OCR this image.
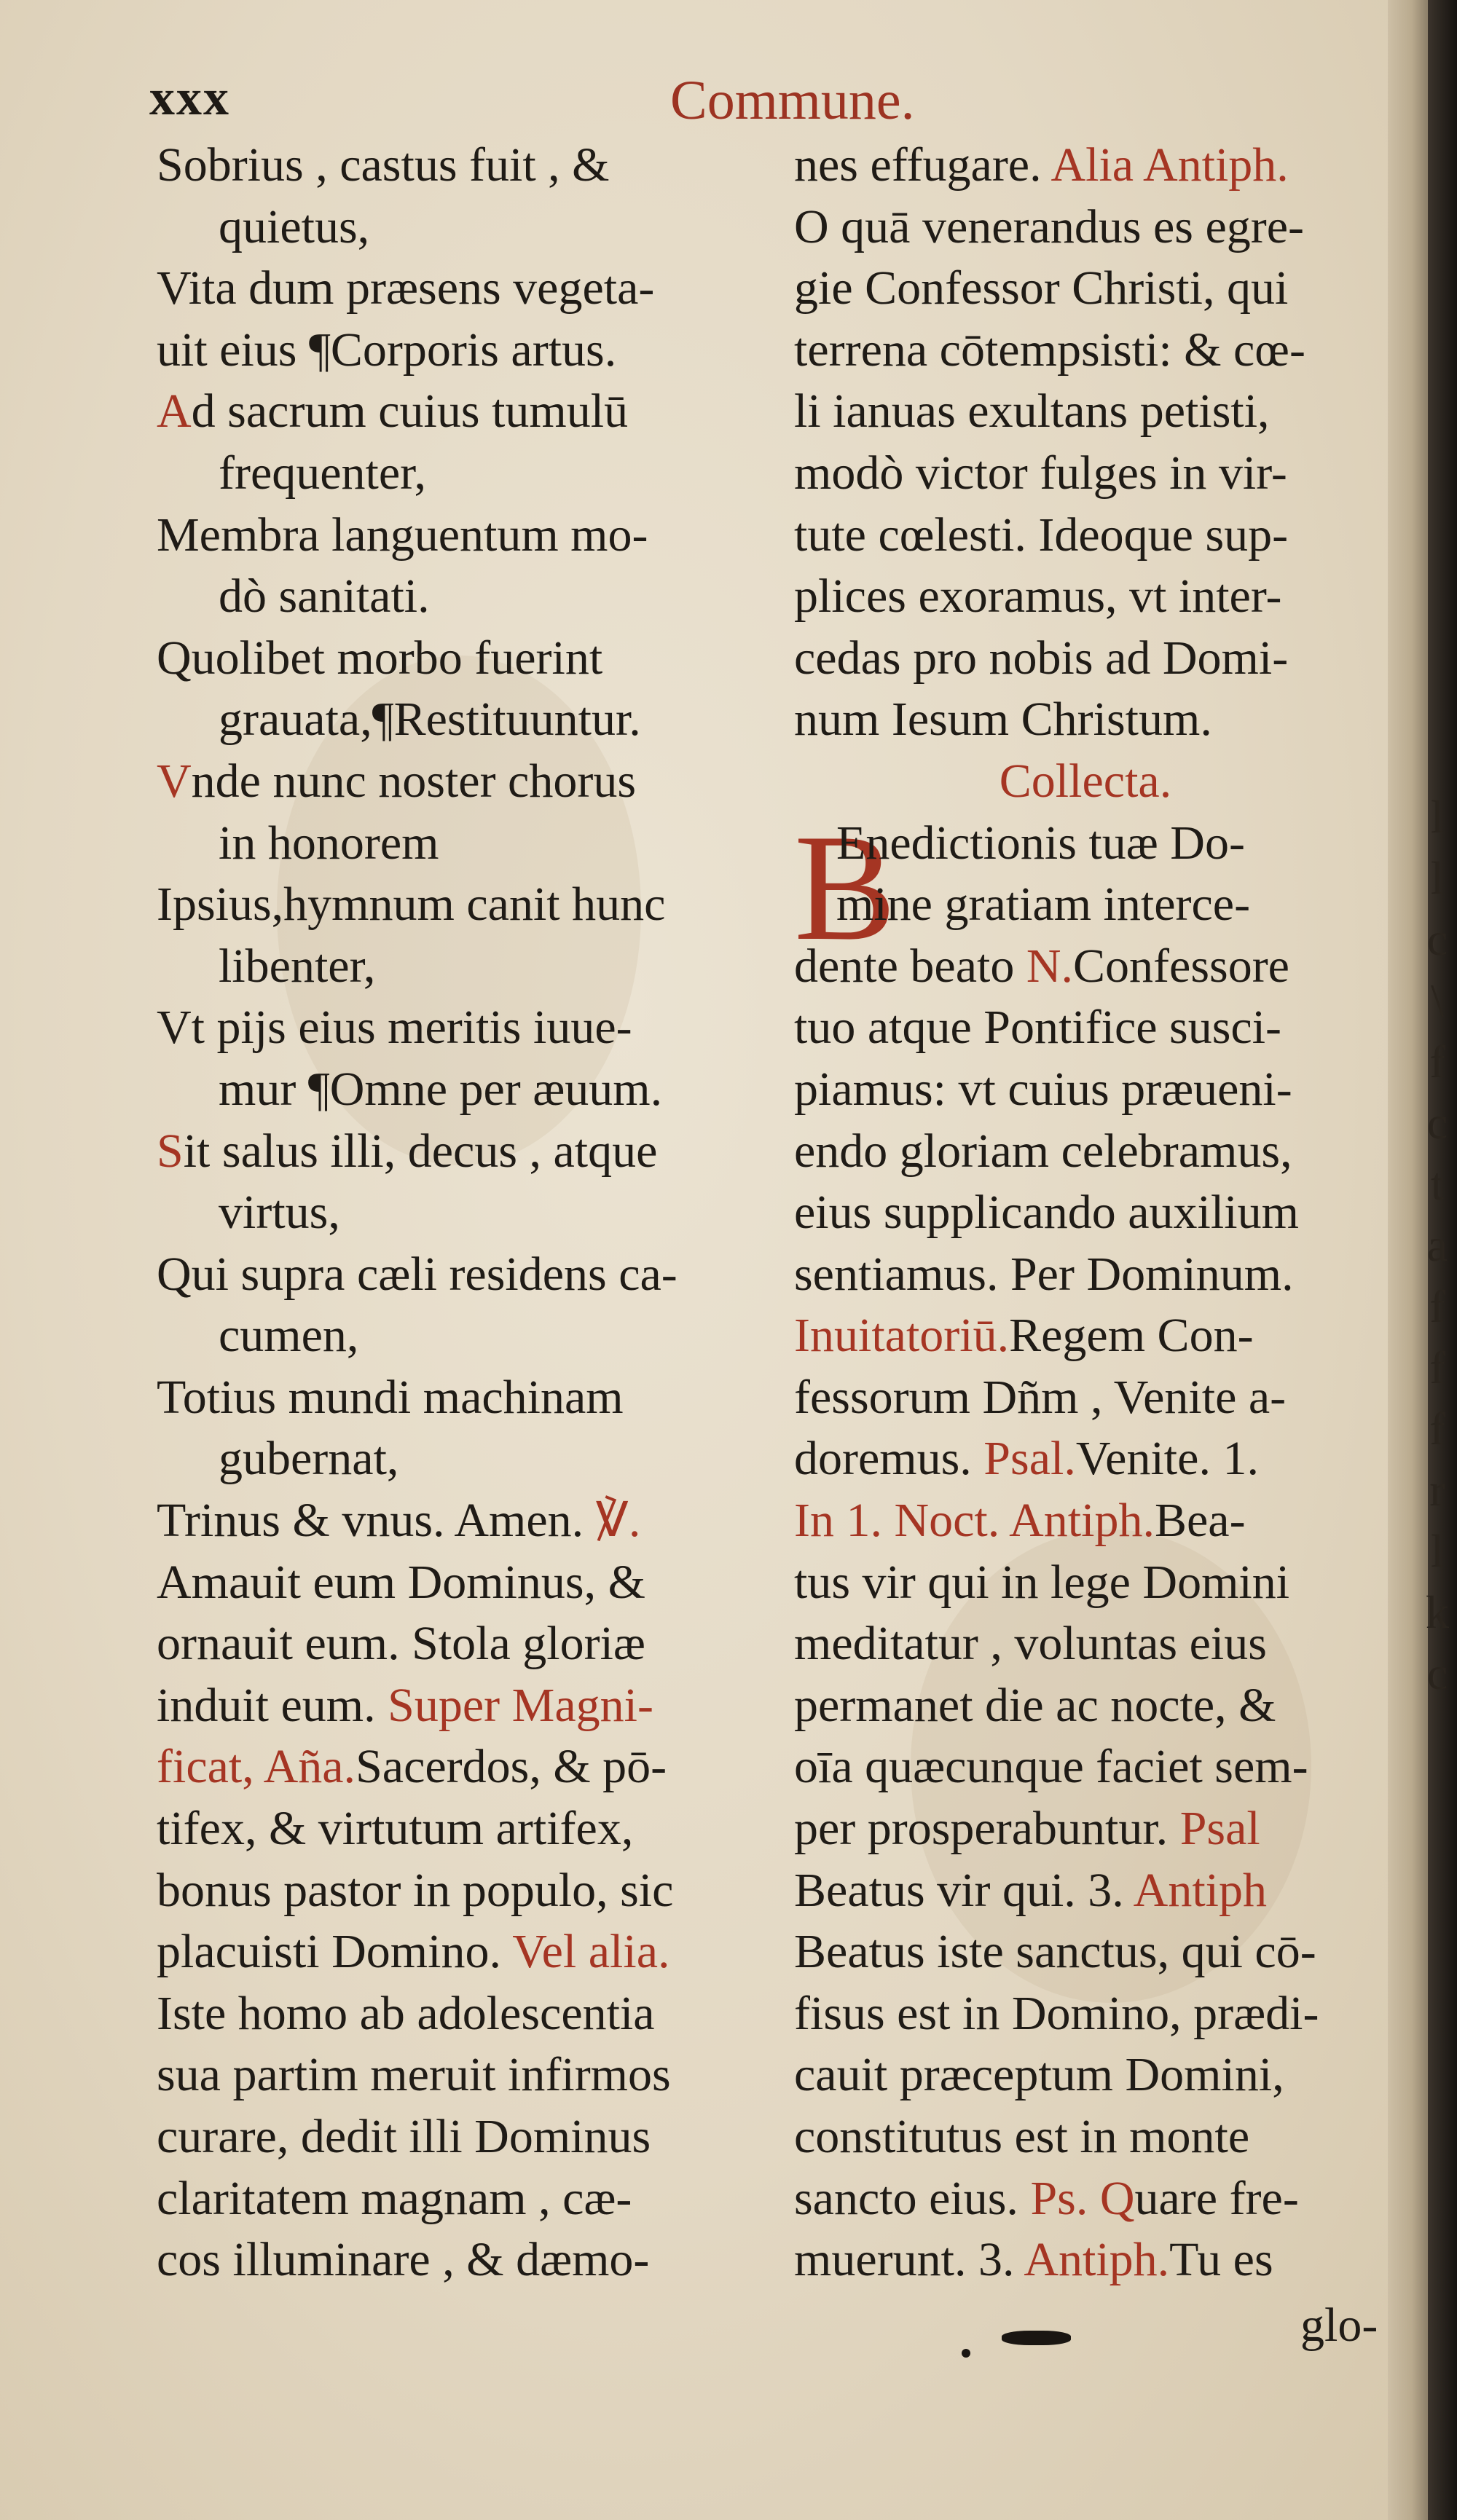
xxx	Commune.
Sobrius , castus fuit , &
quietus,
Vita dum præsens vegeta-
uit eius ¶Corporis artus.
Ad sacrum cuius tumulū
frequenter,
Membra languentum mo-
dò sanitati.
Quolibet morbo fuerint
grauata,¶Restituuntur.
Vnde nunc noster chorus
in honorem
Ipsius,hymnum canit hunc
libenter,
Vt pijs eius meritis iuue-
mur ¶Omne per æuum.
Sit salus illi, decus , atque
virtus,
Qui supra cæli residens ca-
cumen,
Totius mundi machinam
gubernat,
Trinus & vnus. Amen. ℣.
Amauit eum Dominus, &
ornauit eum. Stola gloriæ
induit eum. Super Magni-
ficat, Aña.Sacerdos, & pō-
tifex, & virtutum artifex,
bonus pastor in populo, sic
placuisti Domino. Vel alia.
Iste homo ab adolescentia
sua partim meruit infirmos
curare, dedit illi Dominus
claritatem magnam , cæ-
cos illuminare , & dæmo-
B
nes effugare. Alia Antiph.
O quā venerandus es egre-
gie Confessor Christi, qui
terrena cōtempsisti: & cœ-
li ianuas exultans petisti,
modò victor fulges in vir-
tute cœlesti. Ideoque sup-
plices exoramus, vt inter-
cedas pro nobis ad Domi-
num Iesum Christum.
Collecta.
Enedictionis tuæ Do-
mine gratiam interce-
dente beato N.Confessore
tuo atque Pontifice susci-
piamus: vt cuius præueni-
endo gloriam celebramus,
eius supplicando auxilium
sentiamus. Per Dominum.
Inuitatoriū.Regem Con-
fessorum Dñm , Venite a-
doremus. Psal.Venite. 1.
In 1. Noct. Antiph.Bea-
tus vir qui in lege Domini
meditatur , voluntas eius
permanet die ac nocte, &
oīa quæcunque faciet sem-
per prosperabuntur. Psal
Beatus vir qui. 3. Antiph
Beatus iste sanctus, qui cō-
fisus est in Domino, prædi-
cauit præceptum Domini,
constitutus est in monte
sancto eius. Ps. Quare fre-
muerunt. 3. Antiph.Tu es
glo-
l
l
c
\
f
c
t
a
f
f
f
r
l
k
c
